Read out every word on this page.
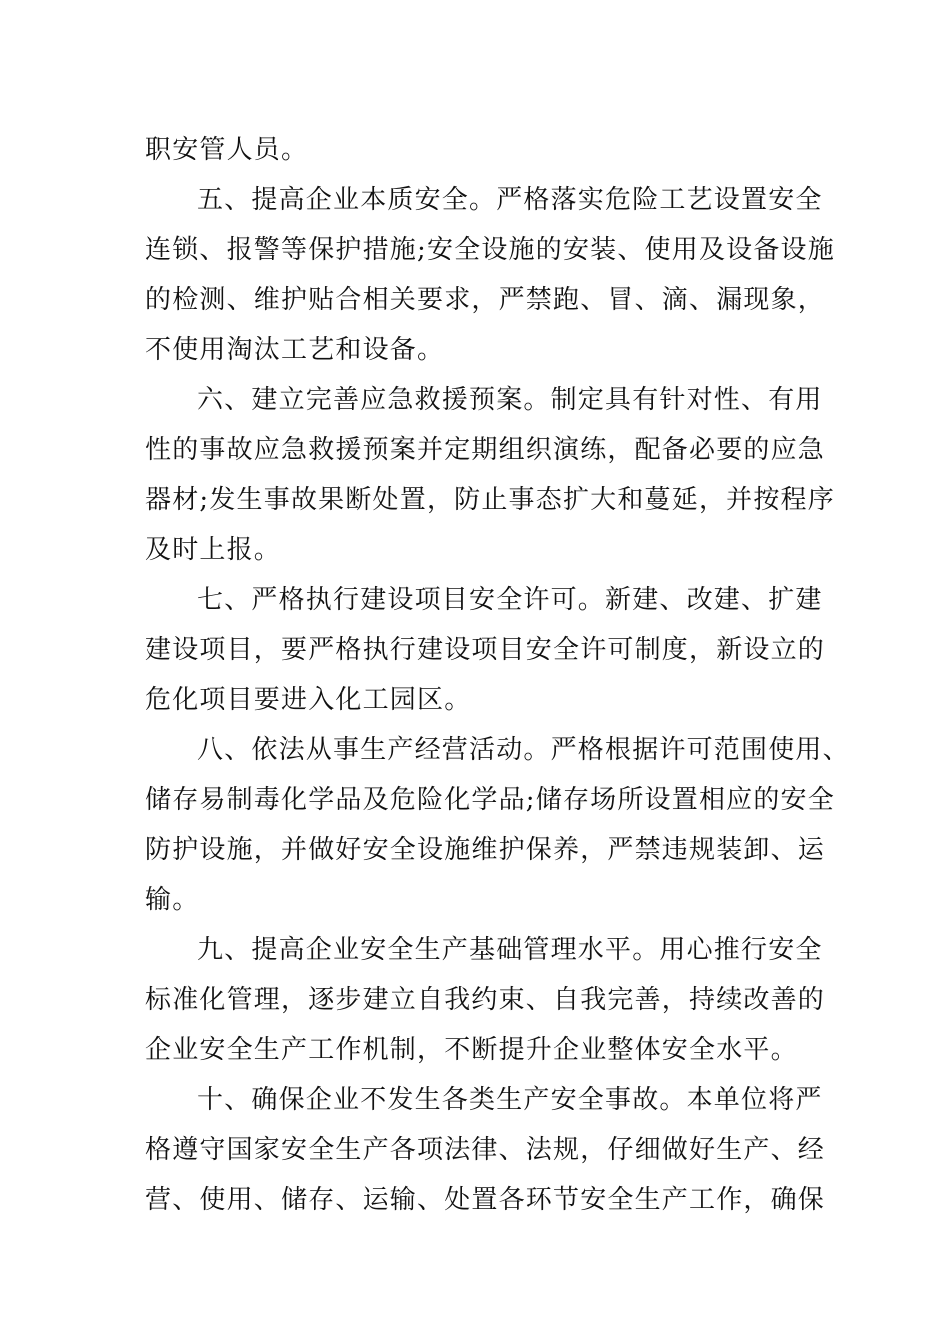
职安管人员。
五、提高企业本质安全。严格落实危险工艺设置安全
连锁、报警等保护措施;安全设施的安装、使用及设备设施
的检测、维护贴合相关要求，严禁跑、冒、滴、漏现象，
不使用淘汰工艺和设备。
六、建立完善应急救援预案。制定具有针对性、有用
性的事故应急救援预案并定期组织演练，配备必要的应急
器材;发生事故果断处置，防止事态扩大和蔓延，并按程序
及时上报。
七、严格执行建设项目安全许可。新建、改建、扩建
建设项目，要严格执行建设项目安全许可制度，新设立的
危化项目要进入化工园区。
八、依法从事生产经营活动。严格根据许可范围使用、
储存易制毒化学品及危险化学品;储存场所设置相应的安全
防护设施，并做好安全设施维护保养，严禁违规装卸、运
输。
九、提高企业安全生产基础管理水平。用心推行安全
标准化管理，逐步建立自我约束、自我完善，持续改善的
企业安全生产工作机制，不断提升企业整体安全水平。
十、确保企业不发生各类生产安全事故。本单位将严
格遵守国家安全生产各项法律、法规，仔细做好生产、经
营、使用、储存、运输、处置各环节安全生产工作，确保
